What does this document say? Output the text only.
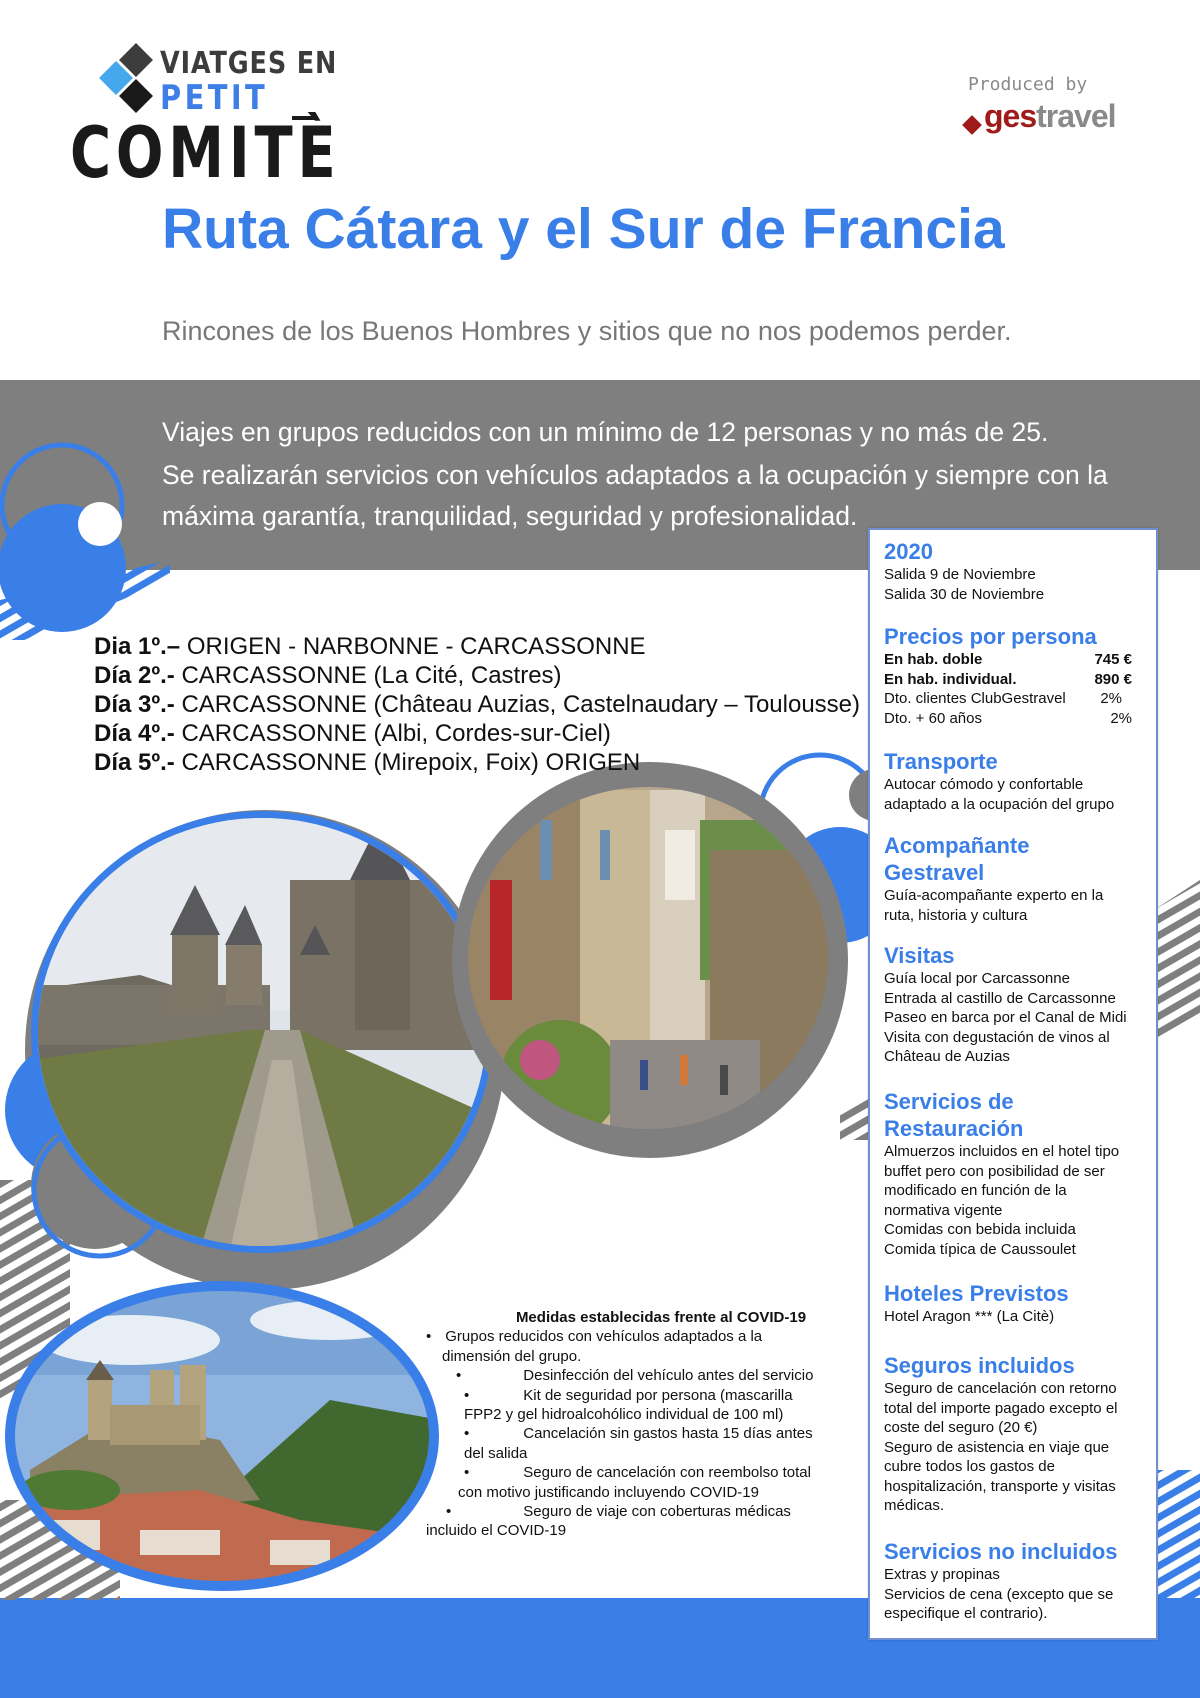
VIATGES EN
PETIT
COMITÈ
Produced by
gestravel
Ruta Cátara y el Sur de Francia
Rincones de los Buenos Hombres y sitios que no nos podemos perder.
Viajes en grupos reducidos con un mínimo de 12 personas y no más de 25.
Se realizarán servicios con vehículos adaptados a la ocupación y siempre con la
máxima garantía, tranquilidad, seguridad y profesionalidad.
Dia 1º.– ORIGEN - NARBONNE - CARCASSONNE
Día 2º.- CARCASSONNE (La Cité, Castres)
Día 3º.- CARCASSONNE (Château Auzias, Castelnaudary – Toulousse)
Día 4º.- CARCASSONNE (Albi, Cordes-sur-Ciel)
Día 5º.- CARCASSONNE (Mirepoix, Foix) ORIGEN
Medidas establecidas frente al COVID-19
• Grupos reducidos con vehículos adaptados a la
dimensión del grupo.
•	Desinfección del vehículo antes del servicio
•	Kit de seguridad por persona (mascarilla
FPP2 y gel hidroalcohólico individual de 100 ml)
•	Cancelación sin gastos hasta 15 días antes
del salida
•	Seguro de cancelación con reembolso total
con motivo justificando incluyendo COVID-19
•	Seguro de viaje con coberturas médicas
incluido el COVID-19
2020
Salida 9 de Noviembre
Salida 30 de Noviembre
Precios por persona
En hab. doble	745 €
En hab. individual.	890 €
Dto. clientes ClubGestravel 2%
Dto. + 60 años	2%
Transporte
Autocar cómodo y confortable
adaptado a la ocupación del grupo
Acompañante
Gestravel
Guía-acompañante experto en la
ruta, historia y cultura
Visitas
Guía local por Carcassonne
Entrada al castillo de Carcassonne
Paseo en barca por el Canal de Midi
Visita con degustación de vinos al
Château de Auzias
Servicios de
Restauración
Almuerzos incluidos en el hotel tipo
buffet pero con posibilidad de ser
modificado en función de la
normativa vigente
Comidas con bebida incluida
Comida típica de Caussoulet
Hoteles Previstos
Hotel Aragon *** (La Citè)
Seguros incluidos
Seguro de cancelación con retorno
total del importe pagado excepto el
coste del seguro (20 €)
Seguro de asistencia en viaje que
cubre todos los gastos de
hospitalización, transporte y visitas
médicas.
Servicios no incluidos
Extras y propinas
Servicios de cena (excepto que se
especifique el contrario).
